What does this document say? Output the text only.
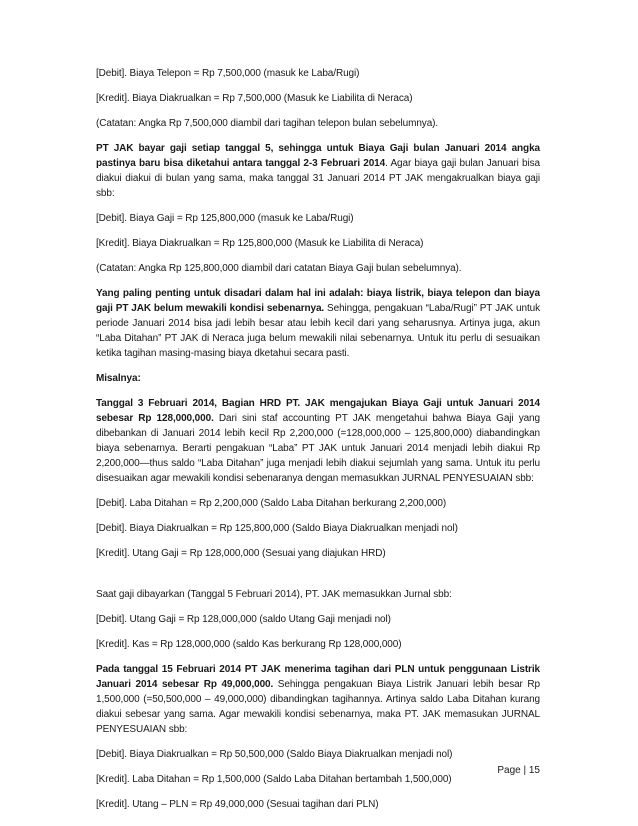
[Debit]. Biaya Telepon = Rp 7,500,000 (masuk ke Laba/Rugi)

[Kredit]. Biaya Diakrualkan = Rp 7,500,000 (Masuk ke Liabilita di Neraca)

(Catatan: Angka Rp 7,500,000 diambil dari tagihan telepon bulan sebelumnya).

PT JAK bayar gaji setiap tanggal 5, sehingga untuk Biaya Gaji bulan Januari 2014 angka pastinya baru bisa diketahui antara tanggal 2-3 Februari 2014. Agar biaya gaji bulan Januari bisa diakui diakui di bulan yang sama, maka tanggal 31 Januari 2014 PT JAK mengakrualkan biaya gaji sbb:

[Debit]. Biaya Gaji = Rp 125,800,000 (masuk ke Laba/Rugi)

[Kredit]. Biaya Diakrualkan = Rp 125,800,000 (Masuk ke Liabilita di Neraca)

(Catatan: Angka Rp 125,800,000 diambil dari catatan Biaya Gaji bulan sebelumnya).

Yang paling penting untuk disadari dalam hal ini adalah: biaya listrik, biaya telepon dan biaya gaji PT JAK belum mewakili kondisi sebenarnya. Sehingga, pengakuan “Laba/Rugi” PT JAK untuk periode Januari 2014 bisa jadi lebih besar atau lebih kecil dari yang seharusnya. Artinya juga, akun “Laba Ditahan” PT JAK di Neraca juga belum mewakili nilai sebenarnya. Untuk itu perlu di sesuaikan ketika tagihan masing-masing biaya dketahui secara pasti.

Misalnya:

Tanggal 3 Februari 2014, Bagian HRD PT. JAK mengajukan Biaya Gaji untuk Januari 2014 sebesar Rp 128,000,000. Dari sini staf accounting PT JAK mengetahui bahwa Biaya Gaji yang dibebankan di Januari 2014 lebih kecil Rp 2,200,000 (=128,000,000 – 125,800,000) diabandingkan biaya sebenarnya. Berarti pengakuan “Laba” PT JAK untuk Januari 2014 menjadi lebih diakui Rp 2,200,000—thus saldo “Laba Ditahan” juga menjadi lebih diakui sejumlah yang sama. Untuk itu perlu disesuaikan agar mewakili kondisi sebenaranya dengan memasukkan JURNAL PENYESUAIAN sbb:

[Debit]. Laba Ditahan = Rp 2,200,000 (Saldo Laba Ditahan berkurang 2,200,000)

[Debit]. Biaya Diakrualkan = Rp 125,800,000 (Saldo Biaya Diakrualkan menjadi nol)

[Kredit]. Utang Gaji = Rp 128,000,000 (Sesuai yang diajukan HRD)

Saat gaji dibayarkan (Tanggal 5 Februari 2014), PT. JAK memasukkan Jurnal sbb:

[Debit]. Utang Gaji = Rp 128,000,000 (saldo Utang Gaji menjadi nol)

[Kredit]. Kas = Rp 128,000,000 (saldo Kas berkurang Rp 128,000,000)

Pada tanggal 15 Februari 2014 PT JAK menerima tagihan dari PLN untuk penggunaan Listrik Januari 2014 sebesar Rp 49,000,000. Sehingga pengakuan Biaya Listrik Januari lebih besar Rp 1,500,000 (=50,500,000 – 49,000,000) dibandingkan tagihannya. Artinya saldo Laba Ditahan kurang diakui sebesar yang sama. Agar mewakili kondisi sebenarnya, maka PT. JAK memasukan JURNAL PENYESUAIAN sbb:

[Debit]. Biaya Diakrualkan = Rp 50,500,000 (Saldo Biaya Diakrualkan menjadi nol)

[Kredit]. Laba Ditahan = Rp 1,500,000 (Saldo Laba Ditahan bertambah 1,500,000)

[Kredit]. Utang – PLN = Rp 49,000,000 (Sesuai tagihan dari PLN)

Page | 15
